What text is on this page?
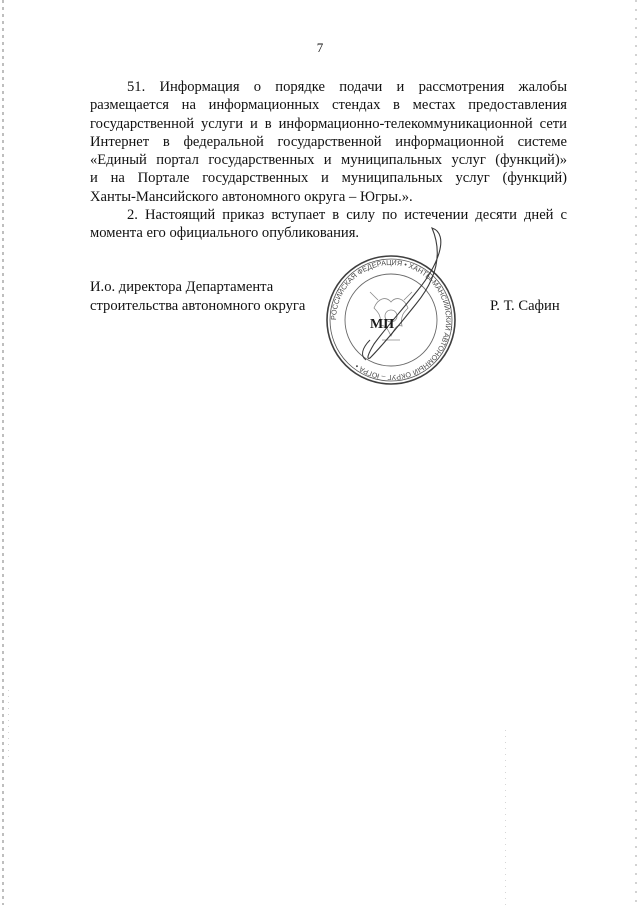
7
51. Информация о порядке подачи и рассмотрения жалобы
размещается на информационных стендах в местах предоставления
государственной услуги и в информационно-телекоммуникационной сети
Интернет в федеральной государственной информационной системе
«Единый портал государственных и муниципальных услуг (функций)»
и на Портале государственных и муниципальных услуг (функций)
Ханты-Мансийского автономного округа – Югры.».
2. Настоящий приказ вступает в силу по истечении десяти дней с
момента его официального опубликования.
И.о. директора Департамента
строительства автономного округа	Р. Т. Сафин
РОССИЙСКАЯ ФЕДЕРАЦИЯ • ХАНТЫ-МАНСИЙСКИЙ АВТОНОМНЫЙ ОКРУГ – ЮГРА •
МП
